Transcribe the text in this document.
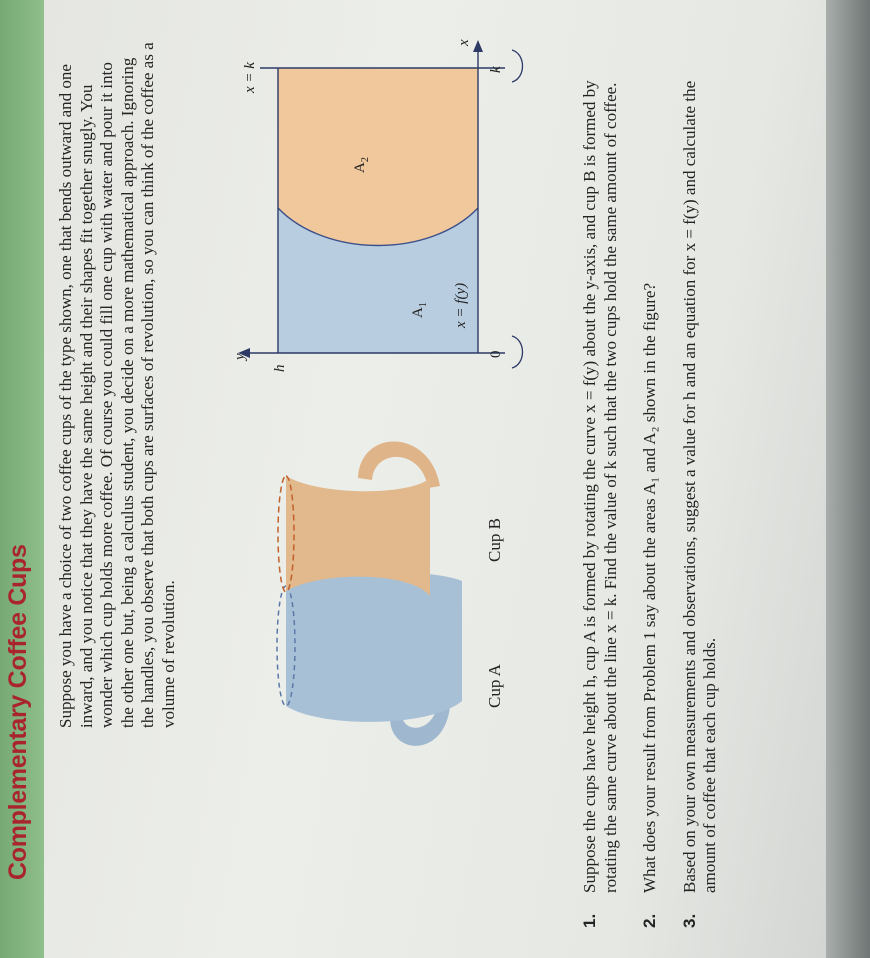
Complementary Coffee Cups Suppose you have a choice of two coffee cups of the type shown, one that bends outward and one inward, and you notice that they have the same height and their shapes fit together snugly. You wonder which cup holds more coffee. Of course you could fill one cup with water and pour it into the other one but, being a calculus student, you decide on a more mathematical approach. Ignoring the handles, you observe that both cups are surfaces of revolution, so you can think of the coffee as a volume of revolution.	Cup A
Cup B
y
x
h
0
k
x = k
x = f(y)
$A_1$
$A_2$
1.
Suppose the cups have height h, cup A is formed by rotating the curve x = f(y) about the y-axis, and cup B is formed by rotating the same curve about the line x = k. Find the value of k such that the two cups hold the same amount of coffee.
2.
What does your result from Problem 1 say about the areas A₁ and A₂ shown in the figure?
3.
Based on your own measurements and observations, suggest a value for h and an equation for x = f(y) and calculate the amount of coffee that each cup holds.
